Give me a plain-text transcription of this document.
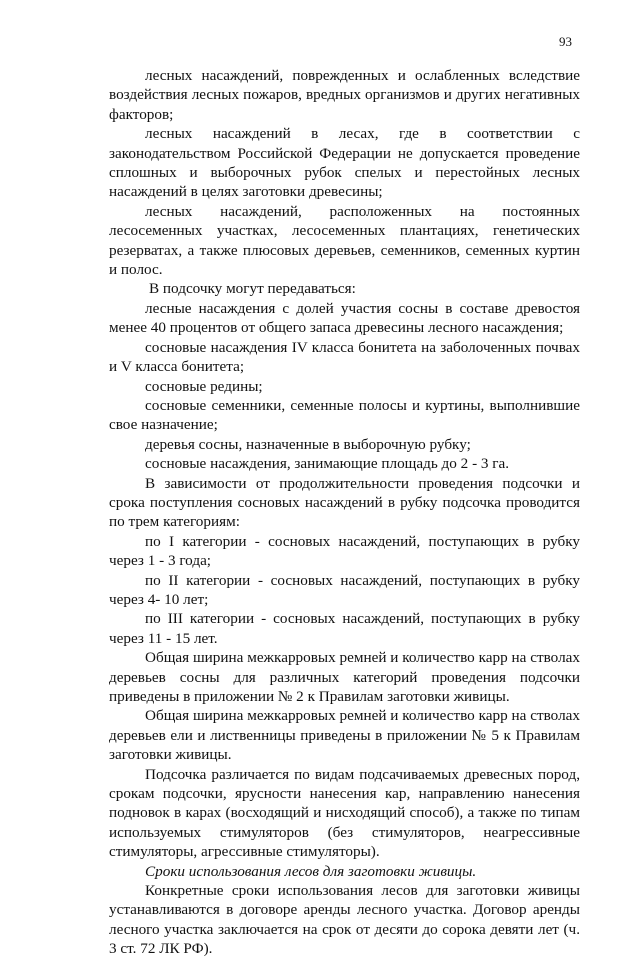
93

лесных насаждений, поврежденных и ослабленных вследствие воздействия лесных пожаров, вредных организмов и других негативных факторов;

лесных насаждений в лесах, где в соответствии с законодательством Российской Федерации не допускается проведение сплошных и выборочных рубок спелых и перестойных лесных насаждений в целях заготовки древесины;

лесных насаждений, расположенных на постоянных лесосеменных участках, лесосеменных плантациях, генетических резерватах, а также плюсовых деревьев, семенников, семенных куртин и полос.

В подсочку могут передаваться:

лесные насаждения с долей участия сосны в составе древостоя менее 40 процентов от общего запаса древесины лесного насаждения;

сосновые насаждения IV класса бонитета на заболоченных почвах и V класса бонитета;

сосновые редины;

сосновые семенники, семенные полосы и куртины, выполнившие свое назначение;

деревья сосны, назначенные в выборочную рубку;

сосновые насаждения, занимающие площадь до 2 - 3 га.

В зависимости от продолжительности проведения подсочки и срока поступления сосновых насаждений в рубку подсочка проводится по трем категориям:

по I категории - сосновых насаждений, поступающих в рубку через 1 - 3 года;

по II категории - сосновых насаждений, поступающих в рубку через 4- 10 лет;

по III категории - сосновых насаждений, поступающих в рубку через 11 - 15 лет.

Общая ширина межкарровых ремней и количество карр на стволах деревьев сосны для различных категорий проведения подсочки приведены в приложении № 2 к Правилам заготовки живицы.

Общая ширина межкарровых ремней и количество карр на стволах деревьев ели и лиственницы приведены в приложении № 5 к Правилам заготовки живицы.

Подсочка различается по видам подсачиваемых древесных пород, срокам подсочки, ярусности нанесения кар, направлению нанесения подновок в карах (восходящий и нисходящий способ), а также по типам используемых стимуляторов (без стимуляторов, неагрессивные стимуляторы, агрессивные стимуляторы).

Сроки использования лесов для заготовки живицы.

Конкретные сроки использования лесов для заготовки живицы устанавливаются в договоре аренды лесного участка. Договор аренды лесного участка заключается на срок от десяти до сорока девяти лет (ч. 3 ст. 72 ЛК РФ).
